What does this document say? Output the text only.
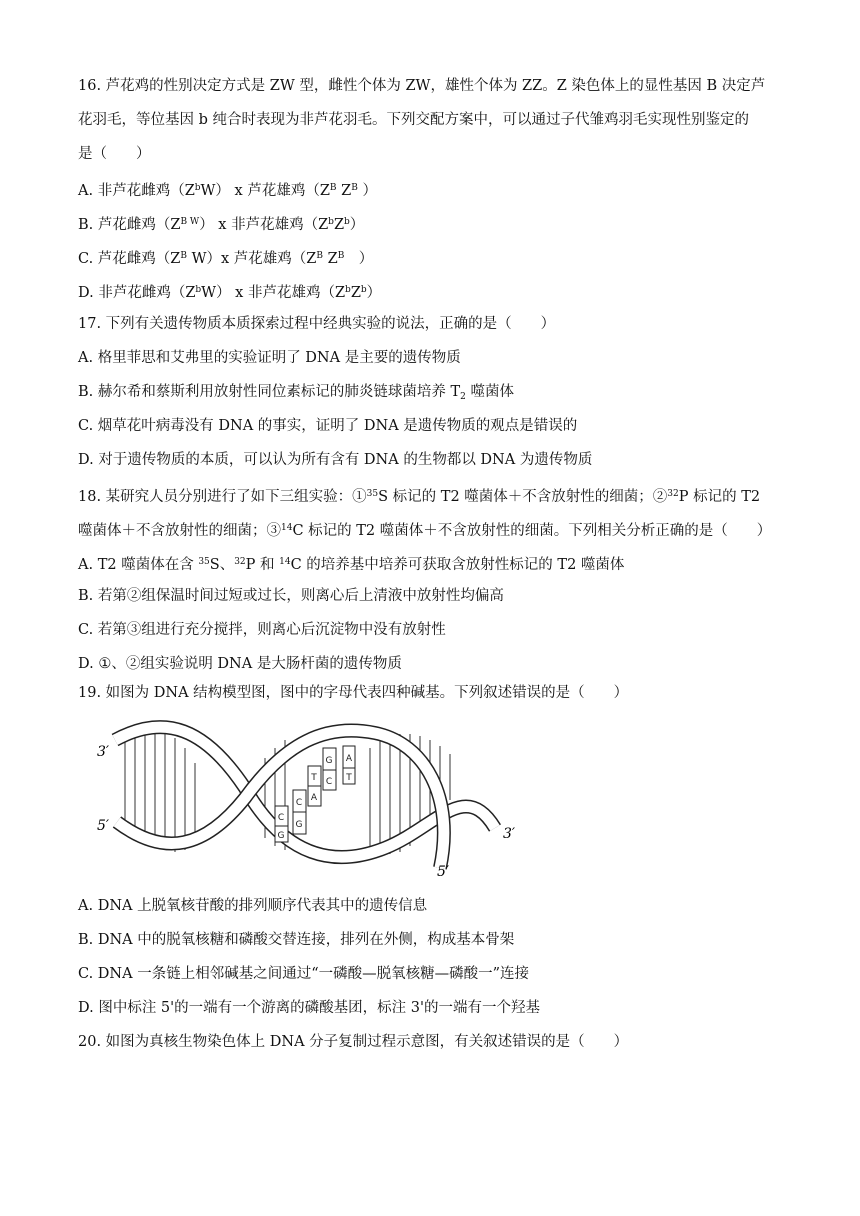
16. 芦花鸡的性别决定方式是 ZW 型，雌性个体为 ZW，雄性个体为 ZZ。Z 染色体上的显性基因 B 决定芦
花羽毛，等位基因 b 纯合时表现为非芦花羽毛。下列交配方案中，可以通过子代雏鸡羽毛实现性别鉴定的
是（　　）
A. 非芦花雌鸡$(Z^bW)$ x 芦花雄鸡（$Z^B$ $Z^B$ ）
B. 芦花雌鸡$(Z^{B W})$ x 非芦花雄鸡$(Z^bZ^b)$
C. 芦花雌鸡（$Z^B$ W）x 芦花雄鸡（$Z^B$ $Z^B$　）
D. 非芦花雌鸡$(Z^bW)$ x 非芦花雄鸡$(Z^bZ^b)$
17. 下列有关遗传物质本质探索过程中经典实验的说法，正确的是（　　）
A. 格里菲思和艾弗里的实验证明了 DNA 是主要的遗传物质
B. 赫尔希和蔡斯利用放射性同位素标记的肺炎链球菌培养 $T_2$ 噬菌体
C. 烟草花叶病毒没有 DNA 的事实，证明了 DNA 是遗传物质的观点是错误的
D. 对于遗传物质的本质，可以认为所有含有 DNA 的生物都以 DNA 为遗传物质
18. 某研究人员分别进行了如下三组实验：①$^{35}$S 标记的 T2 噬菌体＋不含放射性的细菌；②$^{32}$P 标记的 T2
噬菌体＋不含放射性的细菌；③$^{14}$C 标记的 T2 噬菌体＋不含放射性的细菌。下列相关分析正确的是（　　）
A. T2 噬菌体在含 $^{35}$S、$^{32}$P 和 $^{14}$C 的培养基中培养可获取含放射性标记的 T2 噬菌体
B. 若第②组保温时间过短或过长，则离心后上清液中放射性均偏高
C. 若第③组进行充分搅拌，则离心后沉淀物中没有放射性
D. ①、②组实验说明 DNA 是大肠杆菌的遗传物质
19. 如图为 DNA 结构模型图，图中的字母代表四种碱基。下列叙述错误的是（　　）
A
T
G
C
T
A
C
G
C
G
3′
5′	3′
5′
A. DNA 上脱氧核苷酸的排列顺序代表其中的遗传信息
B. DNA 中的脱氧核糖和磷酸交替连接，排列在外侧，构成基本骨架
C. DNA 一条链上相邻碱基之间通过“一磷酸—脱氧核糖—磷酸一”连接
D. 图中标注 5'的一端有一个游离的磷酸基团，标注 3'的一端有一个羟基
20. 如图为真核生物染色体上 DNA 分子复制过程示意图，有关叙述错误的是（　　）
